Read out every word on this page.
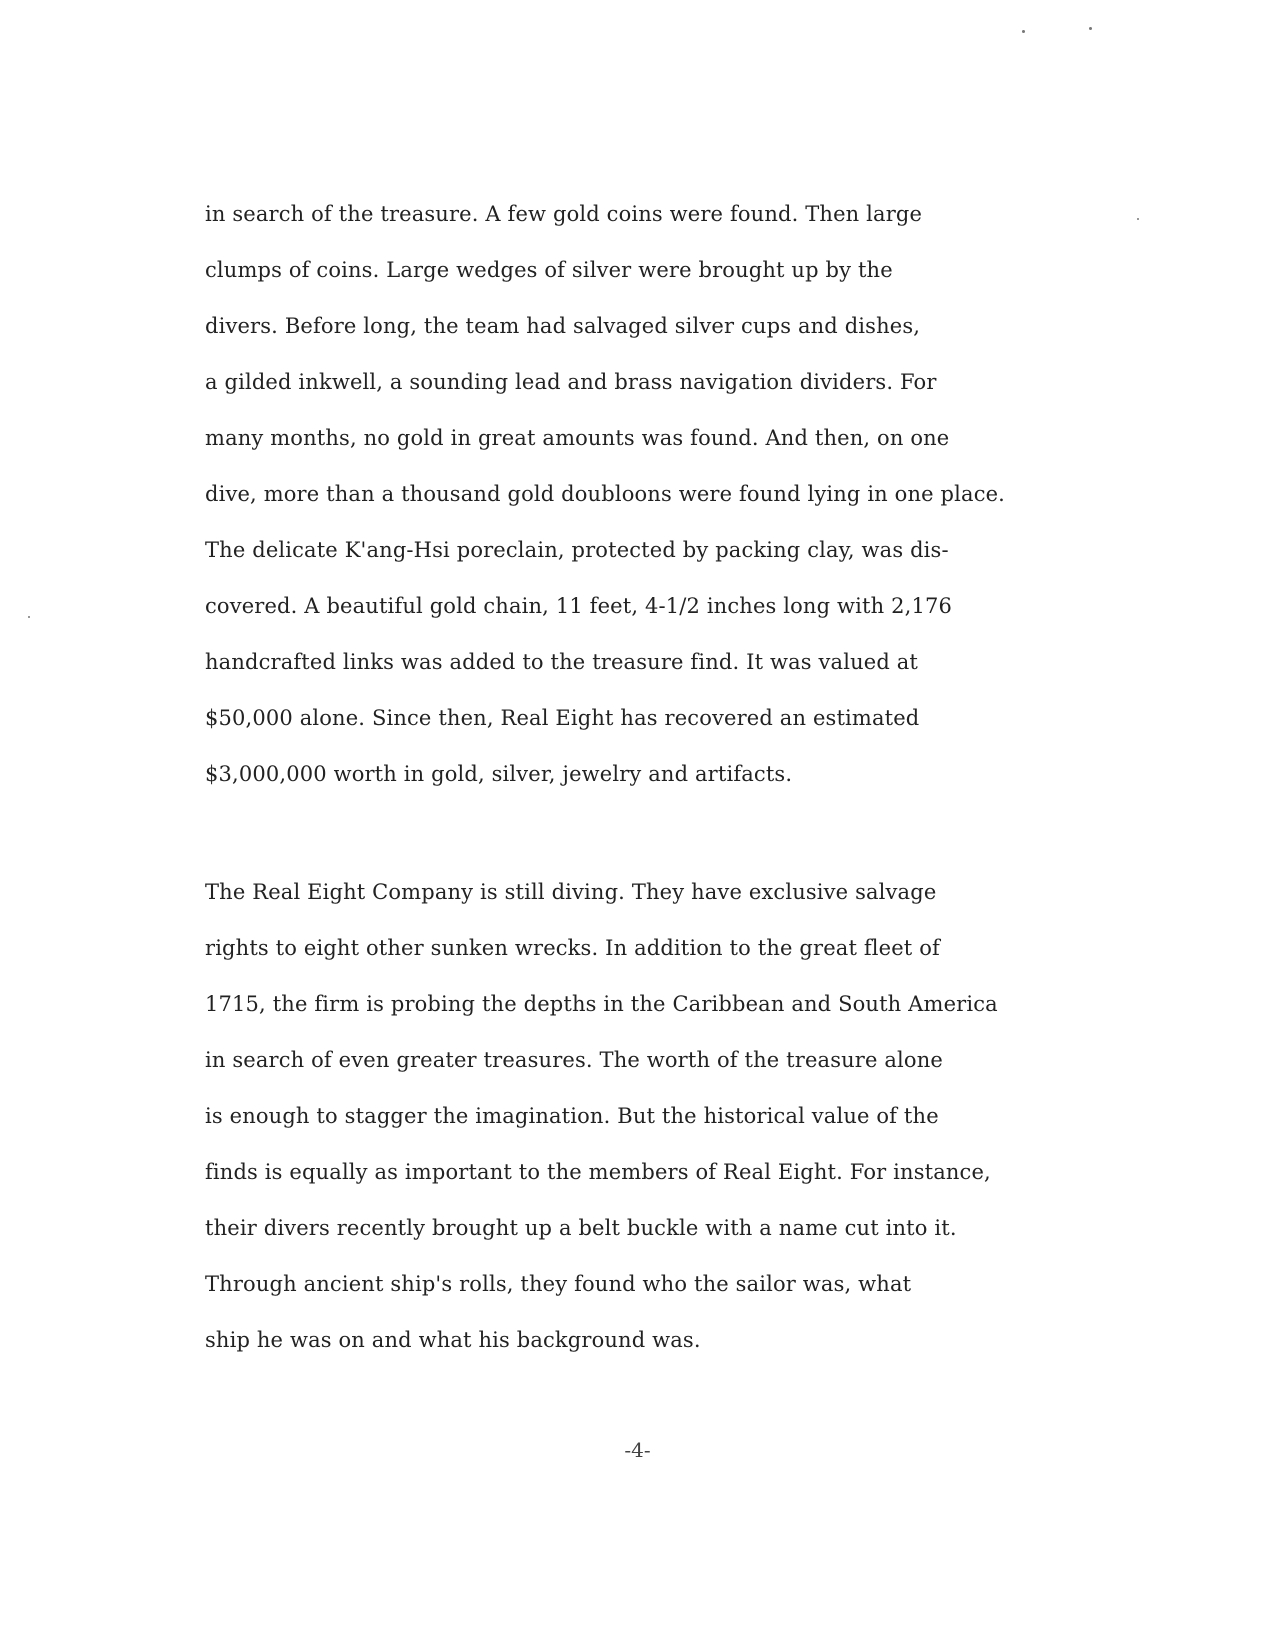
in search of the treasure. A few gold coins were found. Then large
clumps of coins. Large wedges of silver were brought up by the
divers. Before long, the team had salvaged silver cups and dishes,
a gilded inkwell, a sounding lead and brass navigation dividers. For
many months, no gold in great amounts was found. And then, on one
dive, more than a thousand gold doubloons were found lying in one place.
The delicate K'ang-Hsi poreclain, protected by packing clay, was dis-
covered. A beautiful gold chain, 11 feet, 4-1/2 inches long with 2,176
handcrafted links was added to the treasure find. It was valued at
$50,000 alone. Since then, Real Eight has recovered an estimated
$3,000,000 worth in gold, silver, jewelry and artifacts.
The Real Eight Company is still diving. They have exclusive salvage
rights to eight other sunken wrecks. In addition to the great fleet of
1715, the firm is probing the depths in the Caribbean and South America
in search of even greater treasures. The worth of the treasure alone
is enough to stagger the imagination. But the historical value of the
finds is equally as important to the members of Real Eight. For instance,
their divers recently brought up a belt buckle with a name cut into it.
Through ancient ship's rolls, they found who the sailor was, what
ship he was on and what his background was.
-4-
